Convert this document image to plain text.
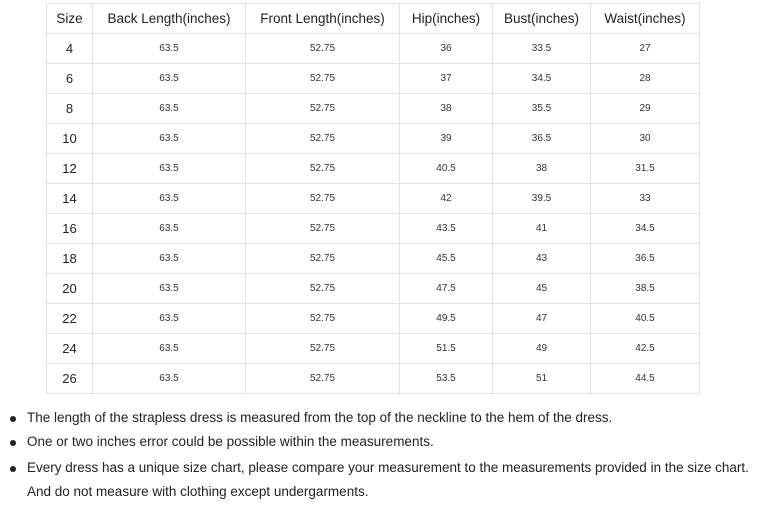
Size	Back Length(inches)	Front Length(inches)	Hip(inches)	Bust(inches)	Waist(inches)
4	63.5	52.75	36	33.5	27
6	63.5	52.75	37	34.5	28
8	63.5	52.75	38	35.5	29
10	63.5	52.75	39	36.5	30
12	63.5	52.75	40.5	38	31.5
14	63.5	52.75	42	39.5	33
16	63.5	52.75	43.5	41	34.5
18	63.5	52.75	45.5	43	36.5
20	63.5	52.75	47.5	45	38.5
22	63.5	52.75	49.5	47	40.5
24	63.5	52.75	51.5	49	42.5
26	63.5	52.75	53.5	51	44.5
The length of the strapless dress is measured from the top of the neckline to the hem of the dress.
One or two inches error could be possible within the measurements.
Every dress has a unique size chart, please compare your measurement to the measurements provided in the size chart. And do not measure with clothing except undergarments.
